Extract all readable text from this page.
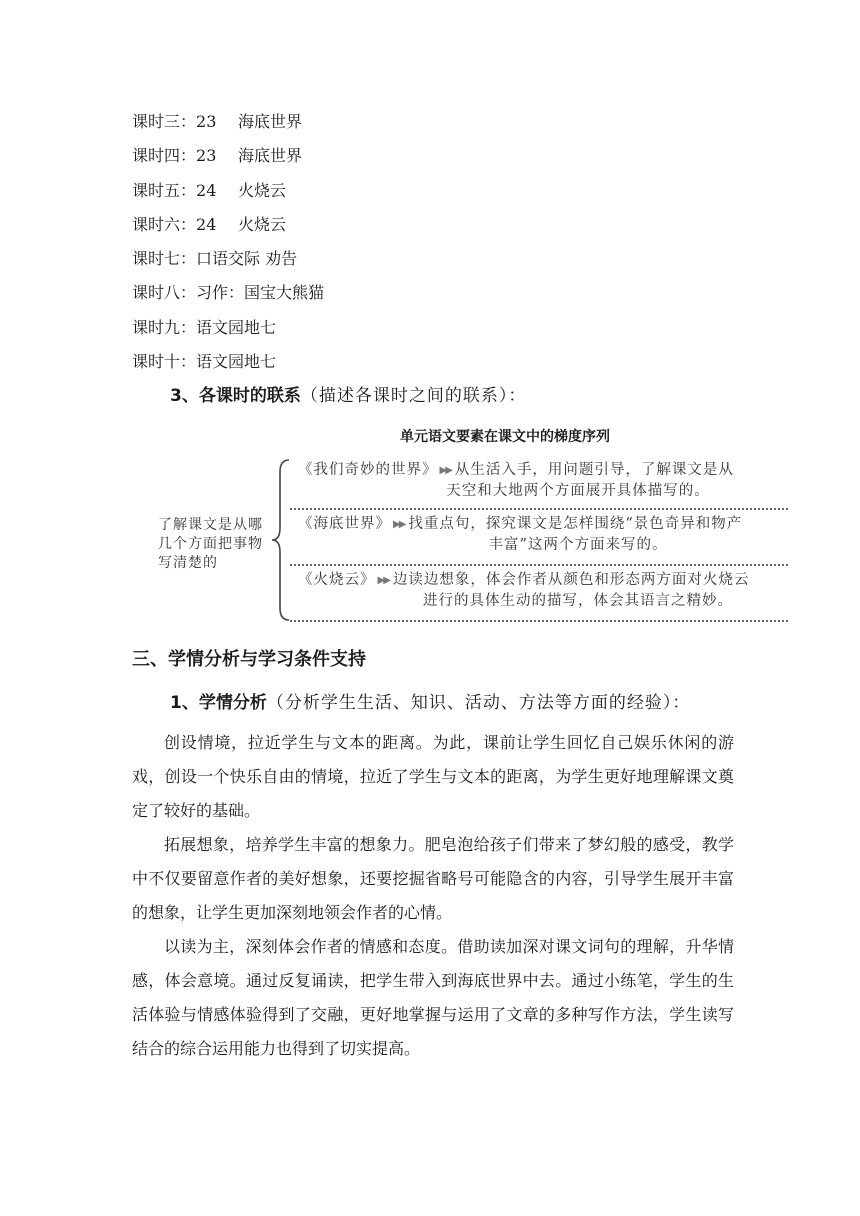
课时三：23 海底世界
课时四：23 海底世界
课时五：24 火烧云
课时六：24 火烧云
课时七：口语交际 劝告
课时八：习作：国宝大熊猫
课时九：语文园地七
课时十：语文园地七
3、各课时的联系（描述各课时之间的联系）：
单元语文要素在课文中的梯度序列
了解课文是从哪几个方面把事物写清楚的
《我们奇妙的世界》 ▶▶ 从生活入手，用问题引导，了解课文是从
天空和大地两个方面展开具体描写的。
《海底世界》 ▶▶ 找重点句，探究课文是怎样围绕“景色奇异和物产
丰富”这两个方面来写的。
《火烧云》 ▶▶ 边读边想象，体会作者从颜色和形态两方面对火烧云
进行的具体生动的描写，体会其语言之精妙。
三、学情分析与学习条件支持
1、学情分析（分析学生生活、知识、活动、方法等方面的经验）：

创设情境，拉近学生与文本的距离。为此，课前让学生回忆自己娱乐休闲的游戏，创设一个快乐自由的情境，拉近了学生与文本的距离，为学生更好地理解课文奠定了较好的基础。

拓展想象，培养学生丰富的想象力。肥皂泡给孩子们带来了梦幻般的感受，教学中不仅要留意作者的美好想象，还要挖掘省略号可能隐含的内容，引导学生展开丰富的想象，让学生更加深刻地领会作者的心情。

以读为主，深刻体会作者的情感和态度。借助读加深对课文词句的理解，升华情感，体会意境。通过反复诵读，把学生带入到海底世界中去。通过小练笔，学生的生活体验与情感体验得到了交融，更好地掌握与运用了文章的多种写作方法，学生读写结合的综合运用能力也得到了切实提高。
